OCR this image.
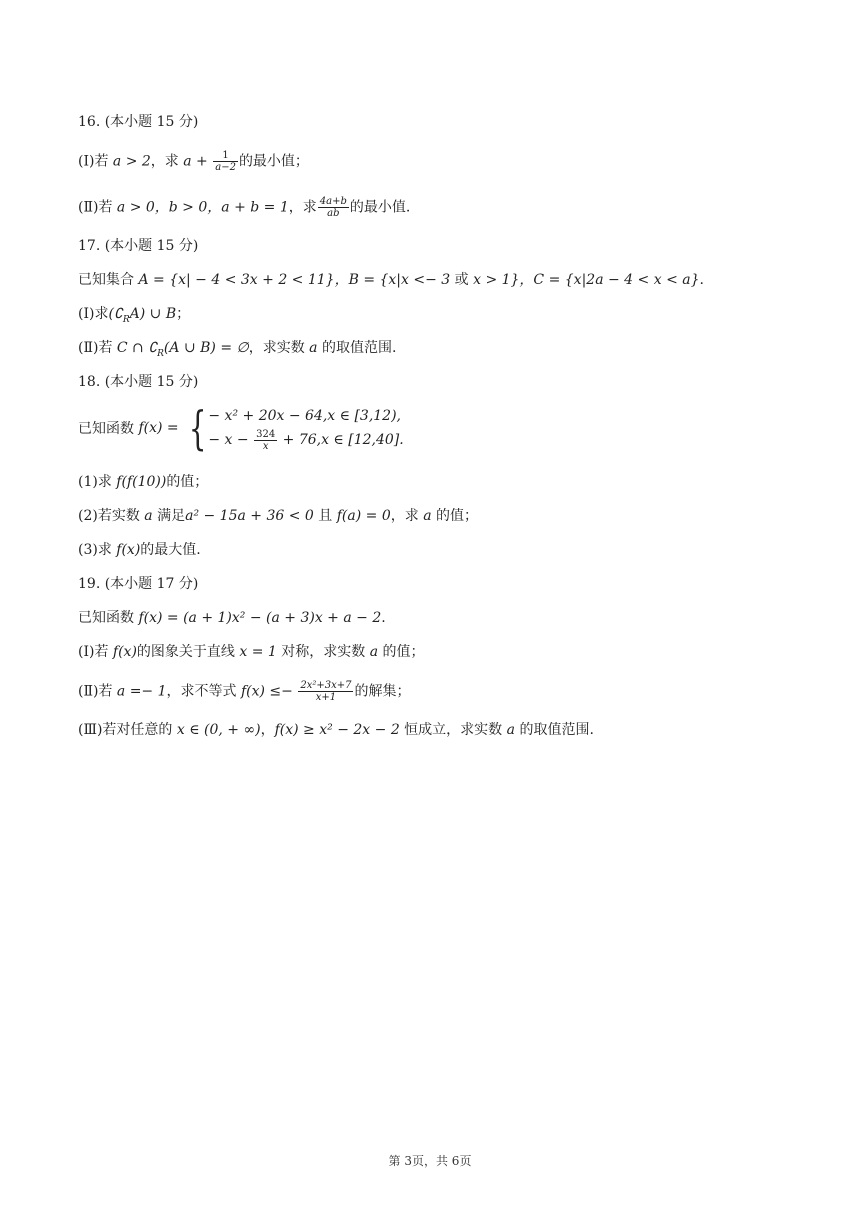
16. (本小题 15 分)
(Ⅰ)若 a > 2，求 $a + \frac{1}{a-2}$ 的最小值；
(Ⅱ)若 a > 0，b > 0，a + b = 1，求 $\frac{4a+b}{ab}$ 的最小值.
17. (本小题 15 分)
已知集合 A = {x| − 4 < 3x + 2 < 11}，B = {x|x <− 3 或 x > 1}，C = {x|2a − 4 < x < a}.
(Ⅰ)求$(∁_RA)$ ∪ B；
(Ⅱ)若 C ∩ $∁_R(A$ ∪ B) = ∅，求实数 a 的取值范围.
18. (本小题 15 分)
已知函数 f(x) = { − x² + 20x − 64,x ∈ [3,12),
− $x - \frac{324}{x} + 76,x$ ∈ [12,40].
(1)求 f(f(10))的值；
(2)若实数 a 满足a² − 15a + 36 < 0 且 f(a) = 0，求 a 的值；
(3)求 f(x)的最大值.
19. (本小题 17 分)
已知函数 f(x) = (a + 1)x² − (a + 3)x + a − 2.
(Ⅰ)若 f(x)的图象关于直线 x = 1 对称，求实数 a 的值；
(Ⅱ)若 a =− 1，求不等式 $f(x) \le- \frac{\text{2x²+3x+7}}{x+1}$ 的解集；
(Ⅲ)若对任意的 x ∈ (0, + ∞)，f(x) ≥ x² − 2x − 2 恒成立，求实数 a 的取值范围.
第 3页，共 6页
